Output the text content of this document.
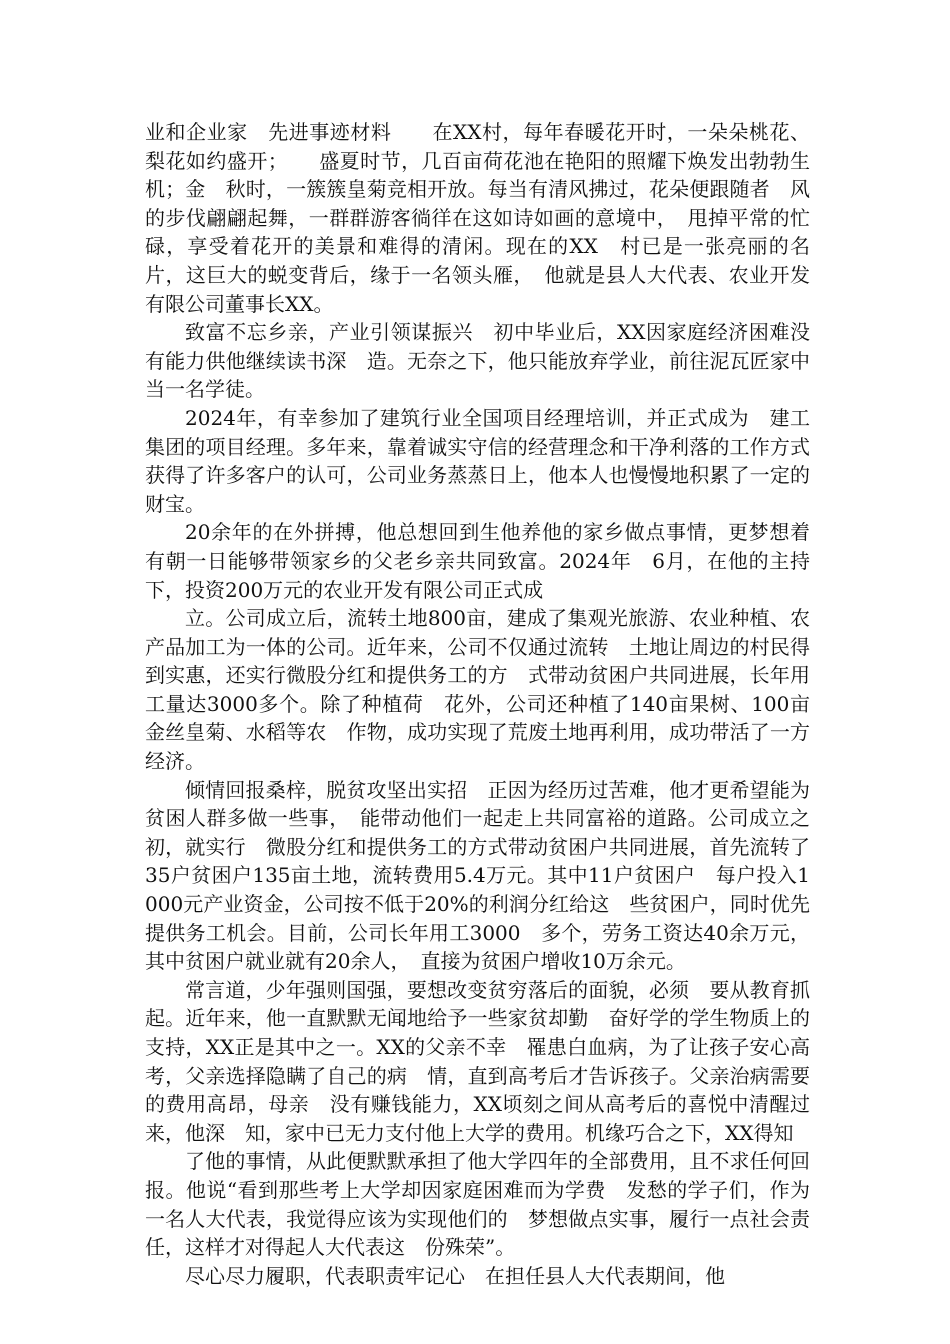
业和企业家　先进事迹材料　　在XX村，每年春暖花开时，一朵朵桃花、梨花如约盛开；　　盛夏时节，几百亩荷花池在艳阳的照耀下焕发出勃勃生机；金　秋时，一簇簇皇菊竞相开放。每当有清风拂过，花朵便跟随者　风的步伐翩翩起舞，一群群游客徜徉在这如诗如画的意境中，　甩掉平常的忙碌，享受着花开的美景和难得的清闲。现在的XX　村已是一张亮丽的名片，这巨大的蜕变背后，缘于一名领头雁，　他就是县人大代表、农业开发有限公司董事长XX。

致富不忘乡亲，产业引领谋振兴　初中毕业后，XX因家庭经济困难没有能力供他继续读书深　造。无奈之下，他只能放弃学业，前往泥瓦匠家中当一名学徒。

2024年，有幸参加了建筑行业全国项目经理培训，并正式成为　建工集团的项目经理。多年来，靠着诚实守信的经营理念和干净利落的工作方式获得了许多客户的认可，公司业务蒸蒸日上，他本人也慢慢地积累了一定的财宝。

20余年的在外拼搏，他总想回到生他养他的家乡做点事情，更梦想着有朝一日能够带领家乡的父老乡亲共同致富。2024年　6月，在他的主持下，投资200万元的农业开发有限公司正式成

立。公司成立后，流转土地800亩，建成了集观光旅游、农业种植、农产品加工为一体的公司。近年来，公司不仅通过流转　土地让周边的村民得到实惠，还实行微股分红和提供务工的方　式带动贫困户共同进展，长年用工量达3000多个。除了种植荷　花外，公司还种植了140亩果树、100亩金丝皇菊、水稻等农　作物，成功实现了荒废土地再利用，成功带活了一方经济。

倾情回报桑梓，脱贫攻坚出实招　正因为经历过苦难，他才更希望能为贫困人群多做一些事，　能带动他们一起走上共同富裕的道路。公司成立之初，就实行　微股分红和提供务工的方式带动贫困户共同进展，首先流转了　35户贫困户135亩土地，流转费用5.4万元。其中11户贫困户　每户投入1000元产业资金，公司按不低于20%的利润分红给这　些贫困户，同时优先提供务工机会。目前，公司长年用工3000　多个，劳务工资达40余万元，其中贫困户就业就有20余人，　直接为贫困户增收10万余元。

常言道，少年强则国强，要想改变贫穷落后的面貌，必须　要从教育抓起。近年来，他一直默默无闻地给予一些家贫却勤　奋好学的学生物质上的支持，XX正是其中之一。XX的父亲不幸　罹患白血病，为了让孩子安心高考，父亲选择隐瞒了自己的病　情，直到高考后才告诉孩子。父亲治病需要的费用高昂，母亲　没有赚钱能力，XX顷刻之间从高考后的喜悦中清醒过来，他深　知，家中已无力支付他上大学的费用。机缘巧合之下，XX得知

了他的事情，从此便默默承担了他大学四年的全部费用，且不求任何回报。他说“看到那些考上大学却因家庭困难而为学费　发愁的学子们，作为一名人大代表，我觉得应该为实现他们的　梦想做点实事，履行一点社会责任，这样才对得起人大代表这　份殊荣”。

尽心尽力履职，代表职责牢记心　在担任县人大代表期间，他
